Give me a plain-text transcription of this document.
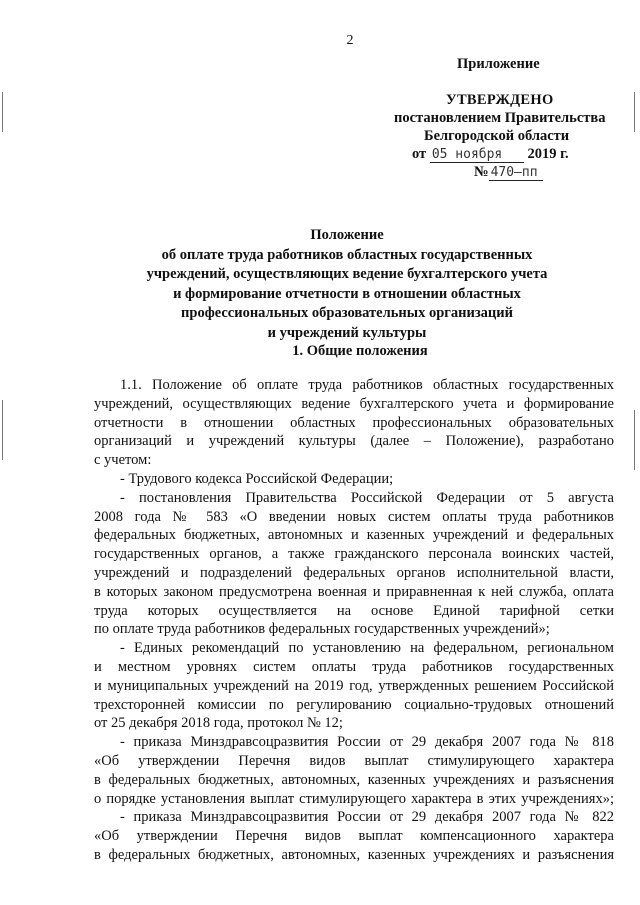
2
Приложение
УТВЕРЖДЕНО
постановлением Правительства
Белгородской области
от 05 ноября 2019 г.
№ 470–пп
Положение
об оплате труда работников областных государственных
учреждений, осуществляющих ведение бухгалтерского учета
и формирование отчетности в отношении областных
профессиональных образовательных организаций
и учреждений культуры
1. Общие положения
1.1. Положение об оплате труда работников областных государственных
учреждений, осуществляющих ведение бухгалтерского учета и формирование
отчетности в отношении областных профессиональных образовательных
организаций и учреждений культуры (далее – Положение), разработано
с учетом:
- Трудового кодекса Российской Федерации;
- постановления Правительства Российской Федерации от 5 августа
2008 года № 583 «О введении новых систем оплаты труда работников
федеральных бюджетных, автономных и казенных учреждений и федеральных
государственных органов, а также гражданского персонала воинских частей,
учреждений и подразделений федеральных органов исполнительной власти,
в которых законом предусмотрена военная и приравненная к ней служба, оплата
труда которых осуществляется на основе Единой тарифной сетки
по оплате труда работников федеральных государственных учреждений»;
- Единых рекомендаций по установлению на федеральном, региональном
и местном уровнях систем оплаты труда работников государственных
и муниципальных учреждений на 2019 год, утвержденных решением Российской
трехсторонней комиссии по регулированию социально-трудовых отношений
от 25 декабря 2018 года, протокол № 12;
- приказа Минздравсоцразвития России от 29 декабря 2007 года № 818
«Об утверждении Перечня видов выплат стимулирующего характера
в федеральных бюджетных, автономных, казенных учреждениях и разъяснения
о порядке установления выплат стимулирующего характера в этих учреждениях»;
- приказа Минздравсоцразвития России от 29 декабря 2007 года № 822
«Об утверждении Перечня видов выплат компенсационного характера
в федеральных бюджетных, автономных, казенных учреждениях и разъяснения
